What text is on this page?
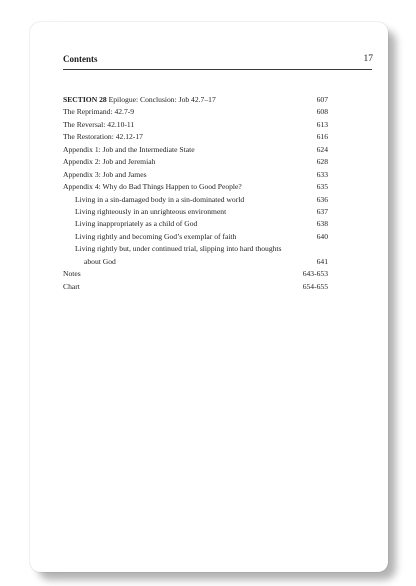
Contents	17
SECTION 28 Epilogue: Conclusion: Job 42.7–17	607
The Reprimand: 42.7-9	608
The Reversal: 42.10-11	613
The Restoration: 42.12-17	616
Appendix 1: Job and the Intermediate State	624
Appendix 2: Job and Jeremiah	628
Appendix 3: Job and James	633
Appendix 4: Why do Bad Things Happen to Good People?	635
Living in a sin-damaged body in a sin-dominated world	636
Living righteously in an unrighteous environment	637
Living inappropriately as a child of God	638
Living rightly and becoming God’s exemplar of faith	640
Living rightly but, under continued trial, slipping into hard thoughts
about God	641
Notes	643-653
Chart	654-655
